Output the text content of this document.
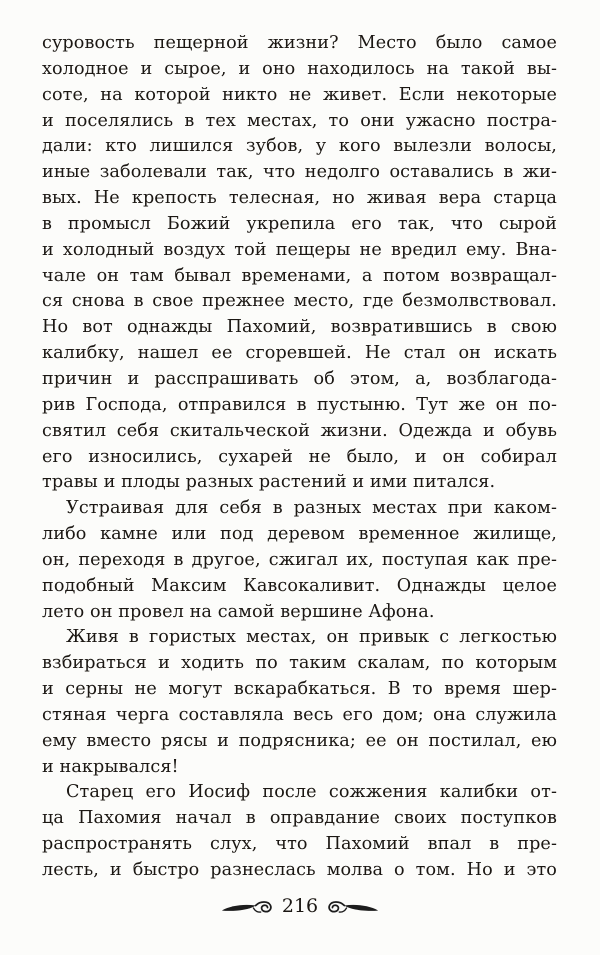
суровость пещерной жизни? Место было самое
холодное и сырое, и оно находилось на такой вы-
соте, на которой никто не живет. Если некоторые
и поселялись в тех местах, то они ужасно постра-
дали: кто лишился зубов, у кого вылезли волосы,
иные заболевали так, что недолго оставались в жи-
вых. Не крепость телесная, но живая вера старца
в промысл Божий укрепила его так, что сырой
и холодный воздух той пещеры не вредил ему. Вна-
чале он там бывал временами, а потом возвращал-
ся снова в свое прежнее место, где безмолвствовал.
Но вот однажды Пахомий, возвратившись в свою
калибку, нашел ее сгоревшей. Не стал он искать
причин и расспрашивать об этом, а, возблагода-
рив Господа, отправился в пустыню. Тут же он по-
святил себя скитальческой жизни. Одежда и обувь
его износились, сухарей не было, и он собирал
травы и плоды разных растений и ими питался.
Устраивая для себя в разных местах при каком-
либо камне или под деревом временное жилище,
он, переходя в другое, сжигал их, поступая как пре-
подобный Максим Кавсокаливит. Однажды целое
лето он провел на самой вершине Афона.
Живя в гористых местах, он привык с легкостью
взбираться и ходить по таким скалам, по которым
и серны не могут вскарабкаться. В то время шер-
стяная черга составляла весь его дом; она служила
ему вместо рясы и подрясника; ее он постилал, ею
и накрывался!
Старец его Иосиф после сожжения калибки от-
ца Пахомия начал в оправдание своих поступков
распространять слух, что Пахомий впал в пре-
лесть, и быстро разнеслась молва о том. Но и это
216
